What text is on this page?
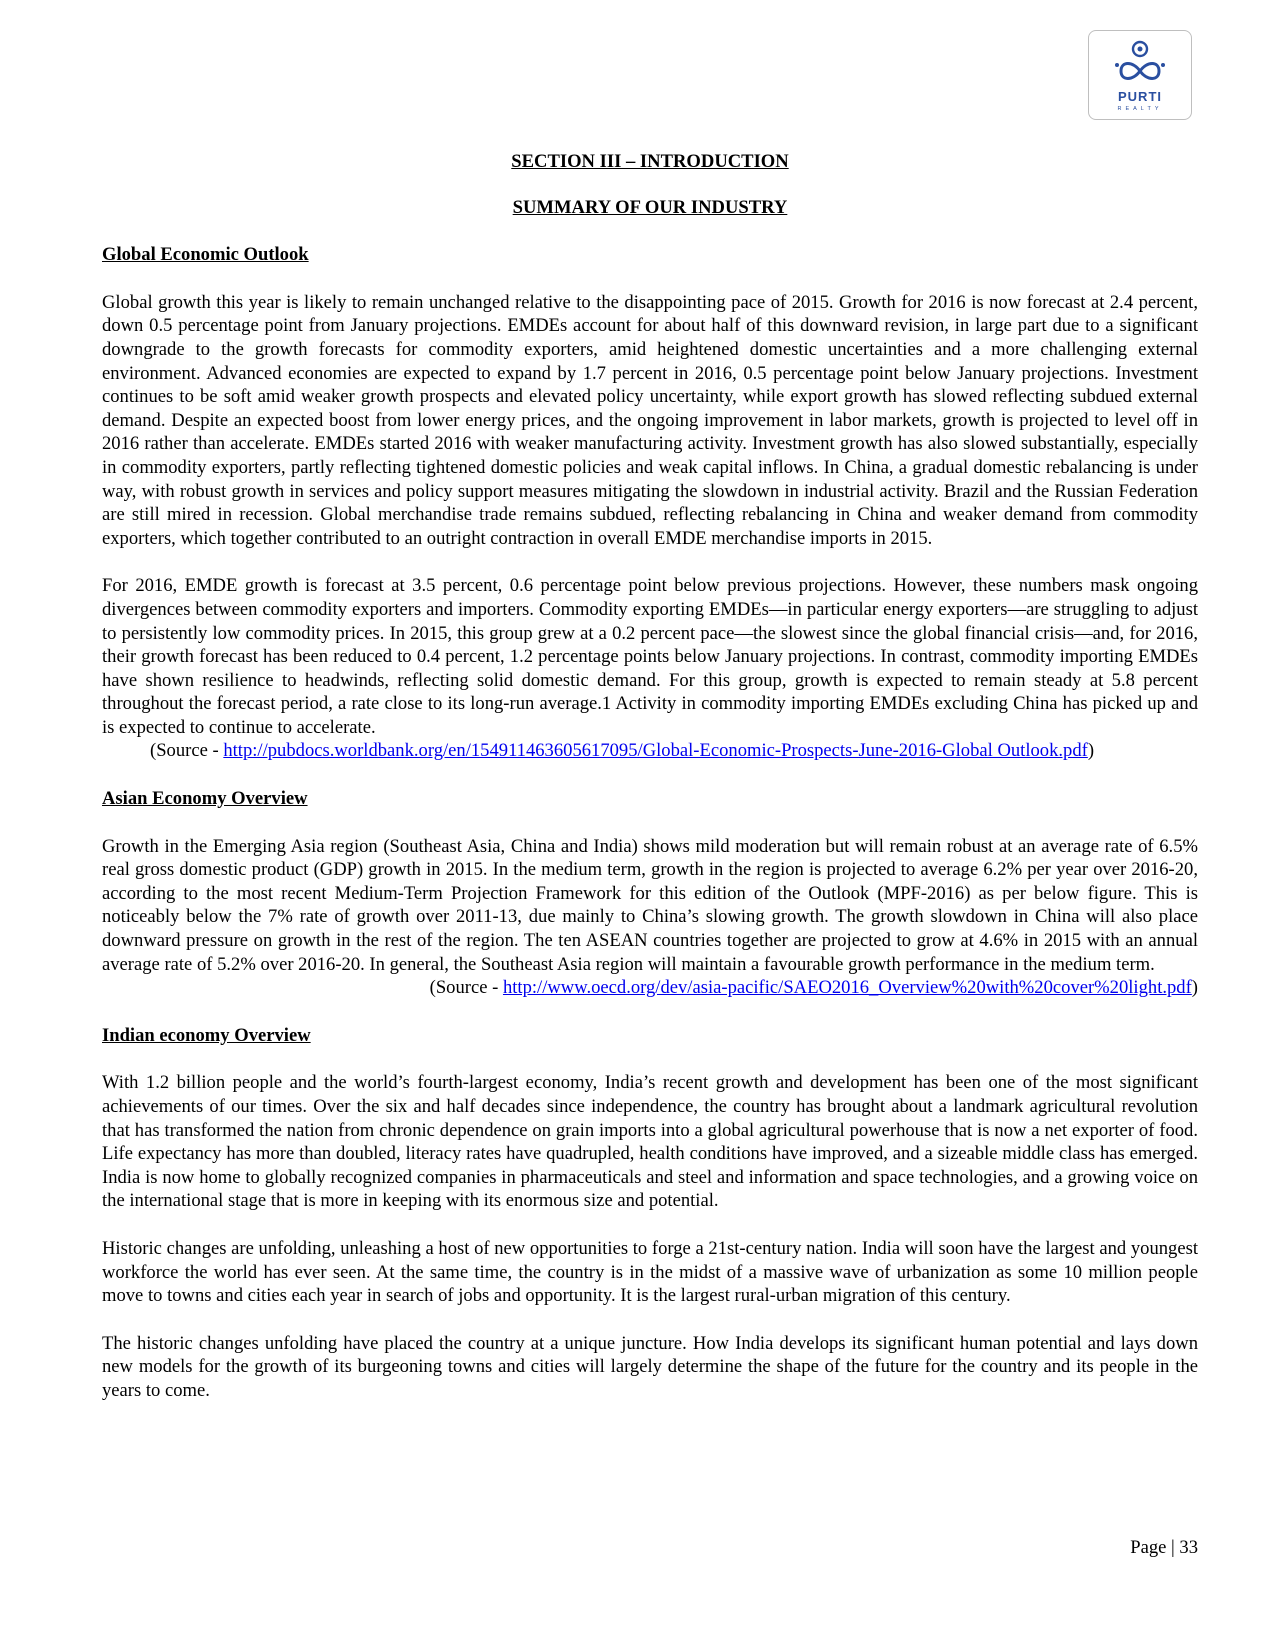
PURTI
REALTY

SECTION III – INTRODUCTION

SUMMARY OF OUR INDUSTRY

Global Economic Outlook

Global growth this year is likely to remain unchanged relative to the disappointing pace of 2015. Growth for 2016 is now forecast at 2.4 percent, down 0.5 percentage point from January projections. EMDEs account for about half of this downward revision, in large part due to a significant downgrade to the growth forecasts for commodity exporters, amid heightened domestic uncertainties and a more challenging external environment. Advanced economies are expected to expand by 1.7 percent in 2016, 0.5 percentage point below January projections. Investment continues to be soft amid weaker growth prospects and elevated policy uncertainty, while export growth has slowed reflecting subdued external demand. Despite an expected boost from lower energy prices, and the ongoing improvement in labor markets, growth is projected to level off in 2016 rather than accelerate. EMDEs started 2016 with weaker manufacturing activity. Investment growth has also slowed substantially, especially in commodity exporters, partly reflecting tightened domestic policies and weak capital inflows. In China, a gradual domestic rebalancing is under way, with robust growth in services and policy support measures mitigating the slowdown in industrial activity. Brazil and the Russian Federation are still mired in recession. Global merchandise trade remains subdued, reflecting rebalancing in China and weaker demand from commodity exporters, which together contributed to an outright contraction in overall EMDE merchandise imports in 2015.

For 2016, EMDE growth is forecast at 3.5 percent, 0.6 percentage point below previous projections. However, these numbers mask ongoing divergences between commodity exporters and importers. Commodity exporting EMDEs—in particular energy exporters—are struggling to adjust to persistently low commodity prices. In 2015, this group grew at a 0.2 percent pace—the slowest since the global financial crisis—and, for 2016, their growth forecast has been reduced to 0.4 percent, 1.2 percentage points below January projections. In contrast, commodity importing EMDEs have shown resilience to headwinds, reflecting solid domestic demand. For this group, growth is expected to remain steady at 5.8 percent throughout the forecast period, a rate close to its long-run average.1 Activity in commodity importing EMDEs excluding China has picked up and is expected to continue to accelerate.

(Source - http://pubdocs.worldbank.org/en/154911463605617095/Global-Economic-Prospects-June-2016-Global Outlook.pdf)

Asian Economy Overview

Growth in the Emerging Asia region (Southeast Asia, China and India) shows mild moderation but will remain robust at an average rate of 6.5% real gross domestic product (GDP) growth in 2015. In the medium term, growth in the region is projected to average 6.2% per year over 2016-20, according to the most recent Medium-Term Projection Framework for this edition of the Outlook (MPF-2016) as per below figure. This is noticeably below the 7% rate of growth over 2011-13, due mainly to China’s slowing growth. The growth slowdown in China will also place downward pressure on growth in the rest of the region. The ten ASEAN countries together are projected to grow at 4.6% in 2015 with an annual average rate of 5.2% over 2016-20. In general, the Southeast Asia region will maintain a favourable growth performance in the medium term.

(Source - http://www.oecd.org/dev/asia-pacific/SAEO2016_Overview%20with%20cover%20light.pdf)

Indian economy Overview

With 1.2 billion people and the world’s fourth-largest economy, India’s recent growth and development has been one of the most significant achievements of our times. Over the six and half decades since independence, the country has brought about a landmark agricultural revolution that has transformed the nation from chronic dependence on grain imports into a global agricultural powerhouse that is now a net exporter of food. Life expectancy has more than doubled, literacy rates have quadrupled, health conditions have improved, and a sizeable middle class has emerged. India is now home to globally recognized companies in pharmaceuticals and steel and information and space technologies, and a growing voice on the international stage that is more in keeping with its enormous size and potential.

Historic changes are unfolding, unleashing a host of new opportunities to forge a 21st-century nation. India will soon have the largest and youngest workforce the world has ever seen. At the same time, the country is in the midst of a massive wave of urbanization as some 10 million people move to towns and cities each year in search of jobs and opportunity. It is the largest rural-urban migration of this century.

The historic changes unfolding have placed the country at a unique juncture. How India develops its significant human potential and lays down new models for the growth of its burgeoning towns and cities will largely determine the shape of the future for the country and its people in the years to come.

Page | 33
